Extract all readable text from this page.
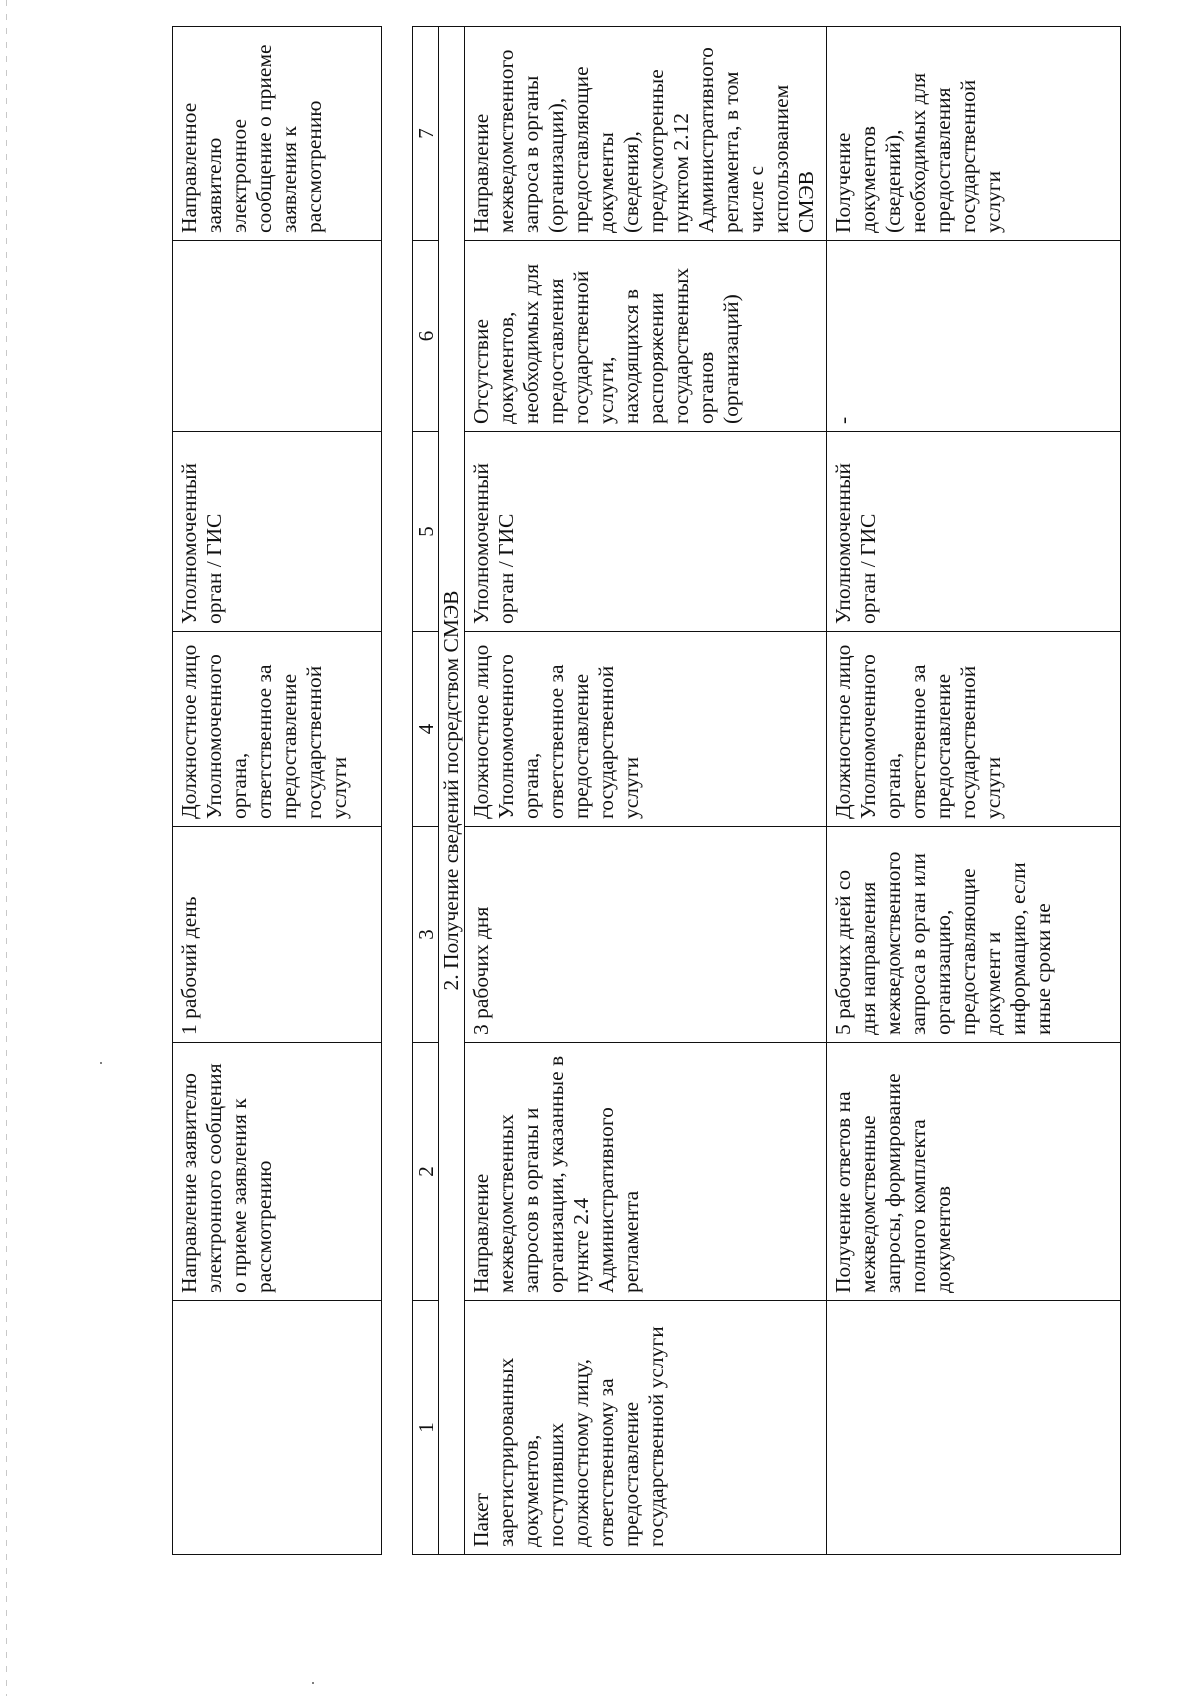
	Направление заявителю электронного сообщения о приеме заявления к рассмотрению	1 рабочий день	Должностное лицо Уполномоченного органа, ответственное за предоставление государственной услуги	Уполномоченный орган / ГИС		Направленное заявителю электронное сообщение о приеме заявления к рассмотрению
1	2	3	4	5	6	7
2. Получение сведений посредством СМЭВ						
Пакет зарегистрированных документов, поступивших должностному лицу, ответственному за предоставление государственной услуги	Направление межведомственных запросов в органы и организации, указанные в пункте 2.4 Административного регламента	3 рабочих дня	Должностное лицо Уполномоченного органа, ответственное за предоставление государственной услуги	Уполномоченный орган / ГИС	Отсутствие документов, необходимых для предоставления государственной услуги, находящихся в распоряжении государственных органов (организаций)	Направление межведомственного запроса в органы (организации), предоставляющие документы (сведения), предусмотренные пунктом 2.12 Административного регламента, в том числе с использованием СМЭВ
	Получение ответов на межведомственные запросы, формирование полного комплекта документов	5 рабочих дней со дня направления межведомственного запроса в орган или организацию, предоставляющие документ и информацию, если иные сроки не	Должностное лицо Уполномоченного органа, ответственное за предоставление государственной услуги	Уполномоченный орган / ГИС	-	Получение документов (сведений), необходимых для предоставления государственной услуги
